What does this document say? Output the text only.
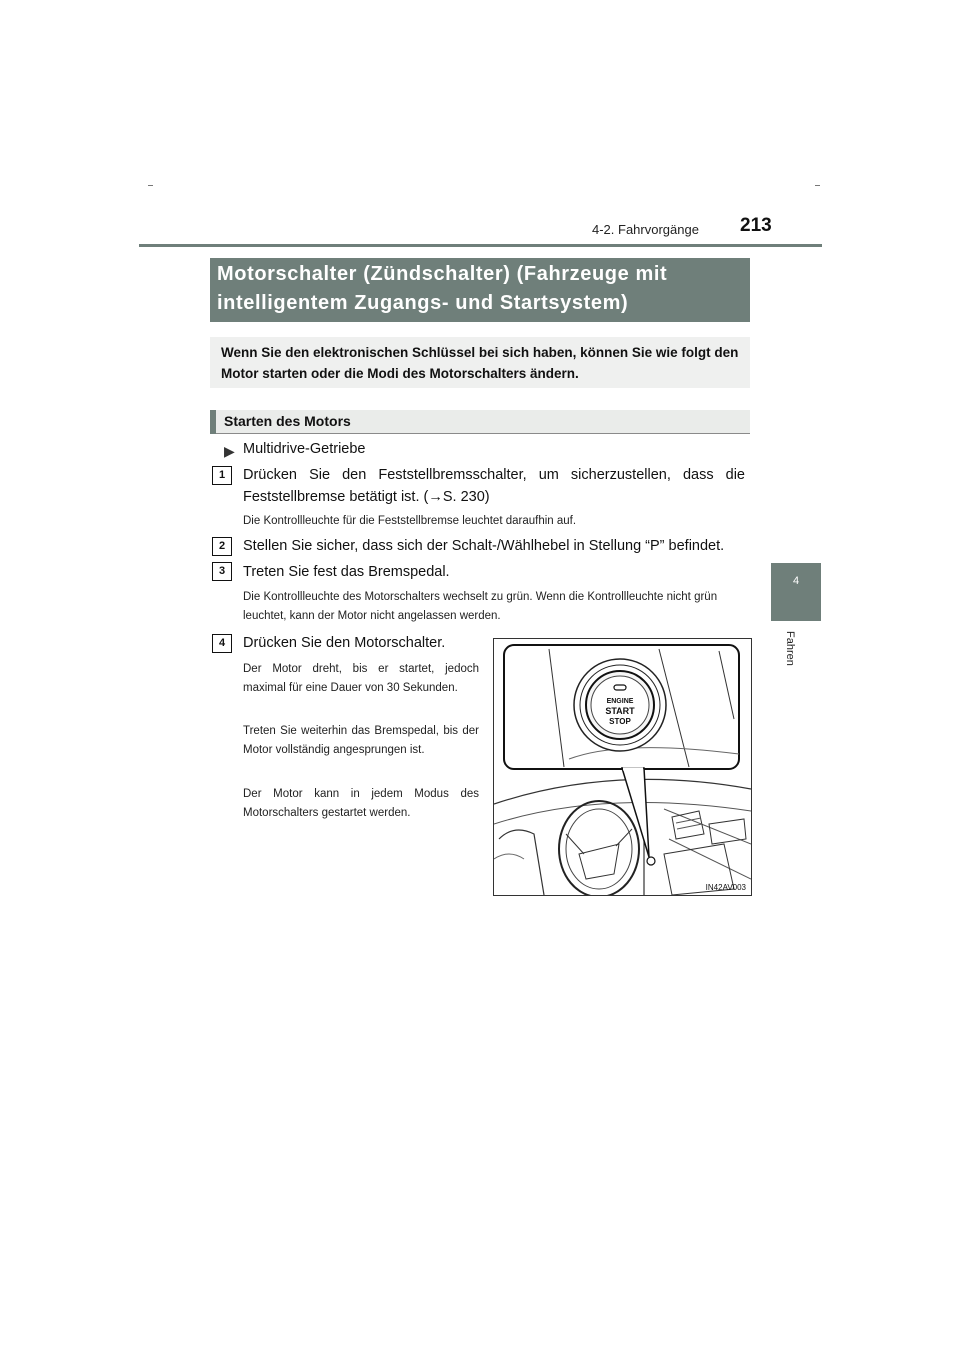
4-2. Fahrvorgänge 213
4
Fahren
Motorschalter (Zündschalter) (Fahrzeuge mit intelligentem Zugangs- und Startsystem)
Wenn Sie den elektronischen Schlüssel bei sich haben, können Sie wie folgt den Motor starten oder die Modi des Motorschalters ändern.
Starten des Motors
▶ Multidrive-Getriebe
1	Drücken Sie den Feststellbremsschalter, um sicherzustellen, dass die Feststellbremse betätigt ist. (→S. 230)
Die Kontrollleuchte für die Feststellbremse leuchtet daraufhin auf.
2	Stellen Sie sicher, dass sich der Schalt-/Wählhebel in Stellung “P” befindet.
3	Treten Sie fest das Bremspedal.
Die Kontrollleuchte des Motorschalters wechselt zu grün. Wenn die Kontrollleuchte nicht grün leuchtet, kann der Motor nicht angelassen werden.
4	Drücken Sie den Motorschalter.
Der Motor dreht, bis er startet, jedoch maximal für eine Dauer von 30 Sekunden.
Treten Sie weiterhin das Bremspedal, bis der Motor vollständig angesprungen ist.
Der Motor kann in jedem Modus des Motorschalters gestartet werden.
ENGINE
START
STOP
IN42AV003
